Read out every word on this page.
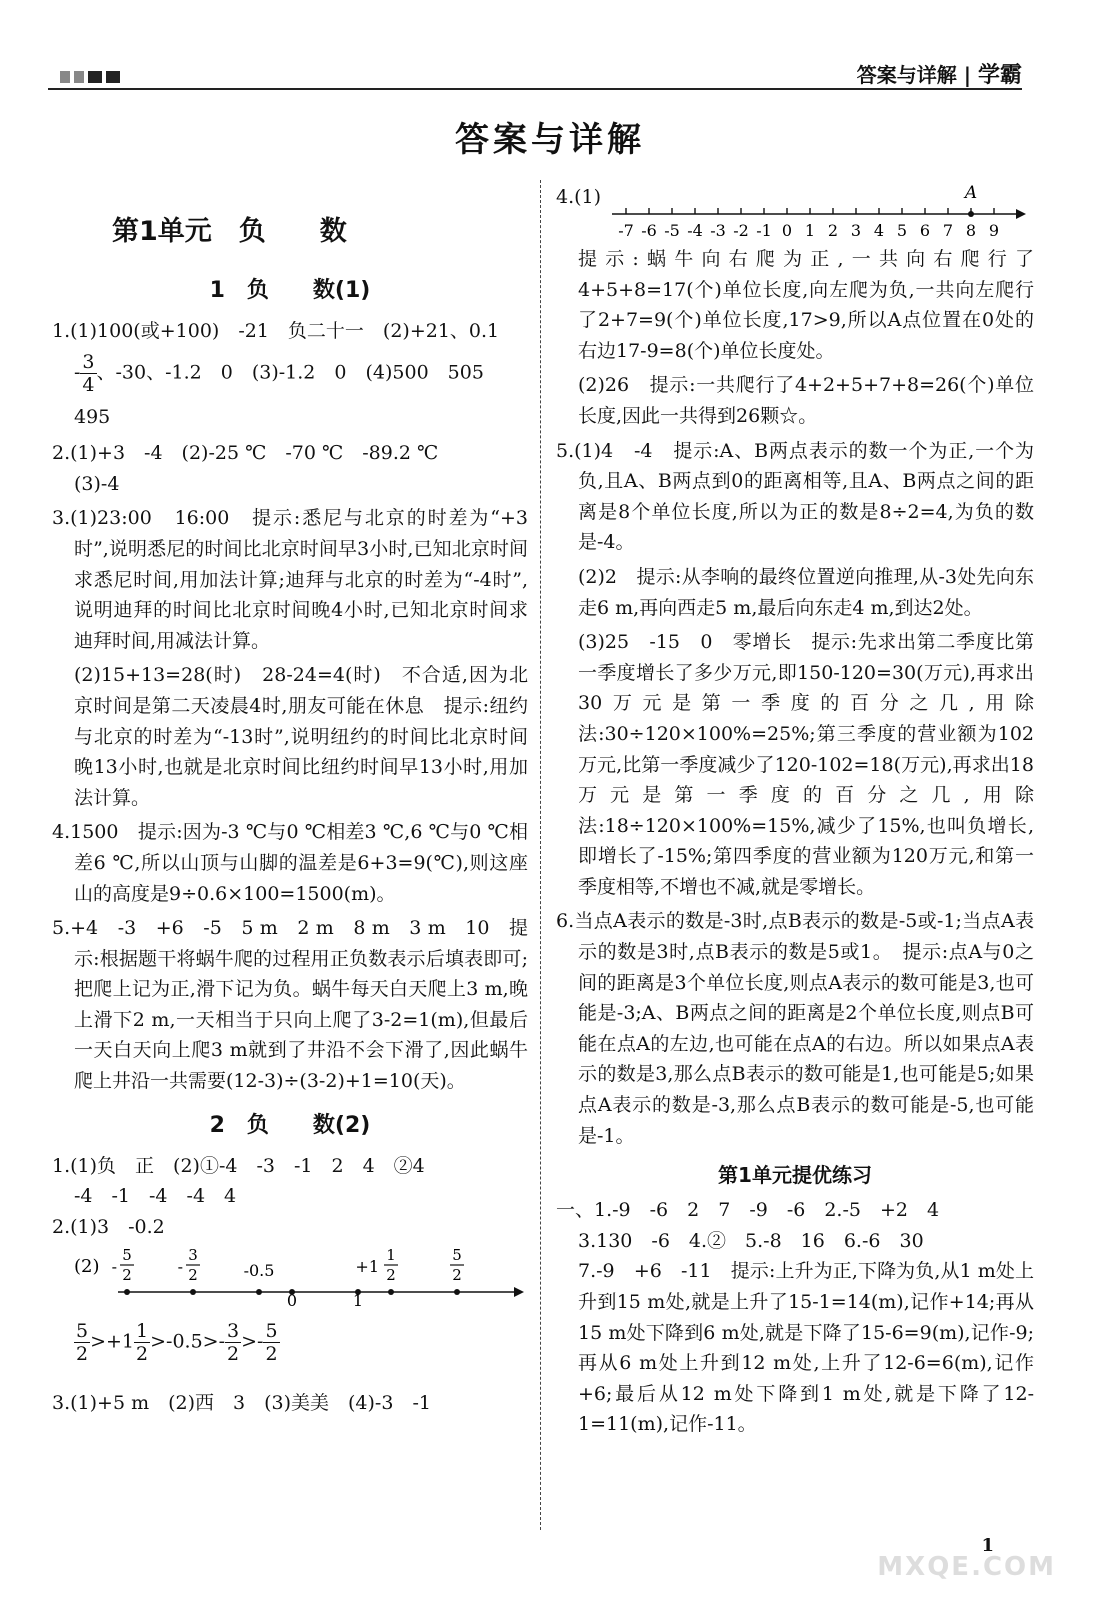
答案与详解 | 学霸
答案与详解
第1单元　负　　数
1　负　　数(1)
1.(1)100(或+100)　-21　负二十一　(2)+21、0.1
- $\frac{3}{4}$ 、-30、-1.2　0　(3)-1.2　0　(4)500　505
495
2.(1)+3　-4　(2)-25 ℃　-70 ℃　-89.2 ℃
(3)-4
3.(1)23:00　16:00　提示:悉尼与北京的时差为“+3时”,说明悉尼的时间比北京时间早3小时,已知北京时间求悉尼时间,用加法计算;迪拜与北京的时差为“-4时”,说明迪拜的时间比北京时间晚4小时,已知北京时间求迪拜时间,用减法计算。
(2)15+13=28(时)　28-24=4(时)　不合适,因为北京时间是第二天凌晨4时,朋友可能在休息　提示:纽约与北京的时差为“-13时”,说明纽约的时间比北京时间晚13小时,也就是北京时间比纽约时间早13小时,用加法计算。
4.1500　提示:因为-3 ℃与0 ℃相差3 ℃,6 ℃与0 ℃相差6 ℃,所以山顶与山脚的温差是6+3=9(℃),则这座山的高度是9÷0.6×100=1500(m)。
5.+4　-3　+6　-5　5 m　2 m　8 m　3 m　10　提示:根据题干将蜗牛爬的过程用正负数表示后填表即可;把爬上记为正,滑下记为负。蜗牛每天白天爬上3 m,晚上滑下2 m,一天相当于只向上爬了3-2=1(m),但最后一天白天向上爬3 m就到了井沿不会下滑了,因此蜗牛爬上井沿一共需要(12-3)÷(3-2)+1=10(天)。
2　负　　数(2)
1.(1)负　正　(2)①-4　-3　-1　2　4　②4
-4　-1　-4　-4　4
2.(1)3　-0.2
(2) -
5
2	-
3
2	-0.5
0	1
+1
1
2
5
2
$\frac{5}{2} >+1 \frac{1}{2} >-0.5>- \frac{3}{2} >- \frac{5}{2}$
3.(1)+5 m　(2)西　3　(3)美美　(4)-3　-1
4.(1)
-7 -6 -5 -4 -3 -2 -1 0 1 2 3 4 5 6 7 8 9
A
提示:蜗牛向右爬为正,一共向右爬行了4+5+8=17(个)单位长度,向左爬为负,一共向左爬行了2+7=9(个)单位长度,17>9,所以A点位置在0处的右边17-9=8(个)单位长度处。
(2)26　提示:一共爬行了4+2+5+7+8=26(个)单位长度,因此一共得到26颗☆。
5.(1)4　-4　提示:A、B两点表示的数一个为正,一个为负,且A、B两点到0的距离相等,且A、B两点之间的距离是8个单位长度,所以为正的数是8÷2=4,为负的数是-4。
(2)2　提示:从李响的最终位置逆向推理,从-3处先向东走6 m,再向西走5 m,最后向东走4 m,到达2处。
(3)25　-15　0　零增长　提示:先求出第二季度比第一季度增长了多少万元,即150-120=30(万元),再求出30万元是第一季度的百分之几,用除法:30÷120×100%=25%;第三季度的营业额为102万元,比第一季度减少了120-102=18(万元),再求出18万元是第一季度的百分之几,用除法:18÷120×100%=15%,减少了15%,也叫负增长,即增长了-15%;第四季度的营业额为120万元,和第一季度相等,不增也不减,就是零增长。
6.当点A表示的数是-3时,点B表示的数是-5或-1;当点A表示的数是3时,点B表示的数是5或1。　提示:点A与0之间的距离是3个单位长度,则点A表示的数可能是3,也可能是-3;A、B两点之间的距离是2个单位长度,则点B可能在点A的左边,也可能在点A的右边。所以如果点A表示的数是3,那么点B表示的数可能是1,也可能是5;如果点A表示的数是-3,那么点B表示的数可能是-5,也可能是-1。
第1单元提优练习
一、1.-9　-6　2　7　-9　-6　2.-5　+2　4
3.130　-6　4.②　5.-8　16　6.-6　30
7.-9　+6　-11　提示:上升为正,下降为负,从1 m处上升到15 m处,就是上升了15-1=14(m),记作+14;再从15 m处下降到6 m处,就是下降了15-6=9(m),记作-9;再从6 m处上升到12 m处,上升了12-6=6(m),记作+6;最后从12 m处下降到1 m处,就是下降了12-1=11(m),记作-11。
1
MXQE.COM
